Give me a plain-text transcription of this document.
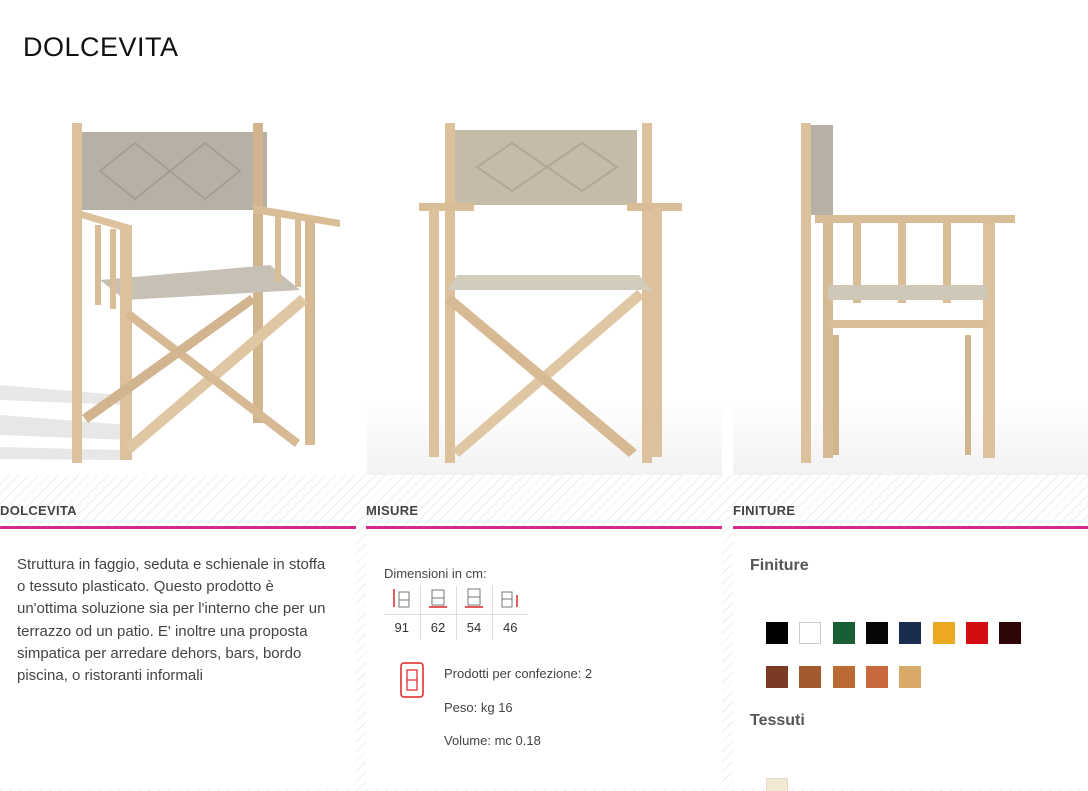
DOLCEVITA
DOLCEVITA

Struttura in faggio, seduta e schienale in stoffa o tessuto plasticato. Questo prodotto è un'ottima soluzione sia per l'interno che per un terrazzo od un patio. E' inoltre una proposta simpatica per arredare dehors, bars, bordo piscina, o ristoranti informali

MISURE
Dimensioni in cm:

91	62	54	46
Prodotti per confezione: 2
Peso: kg 16
Volume: mc 0.18
FINITURE
Finiture
Tessuti
